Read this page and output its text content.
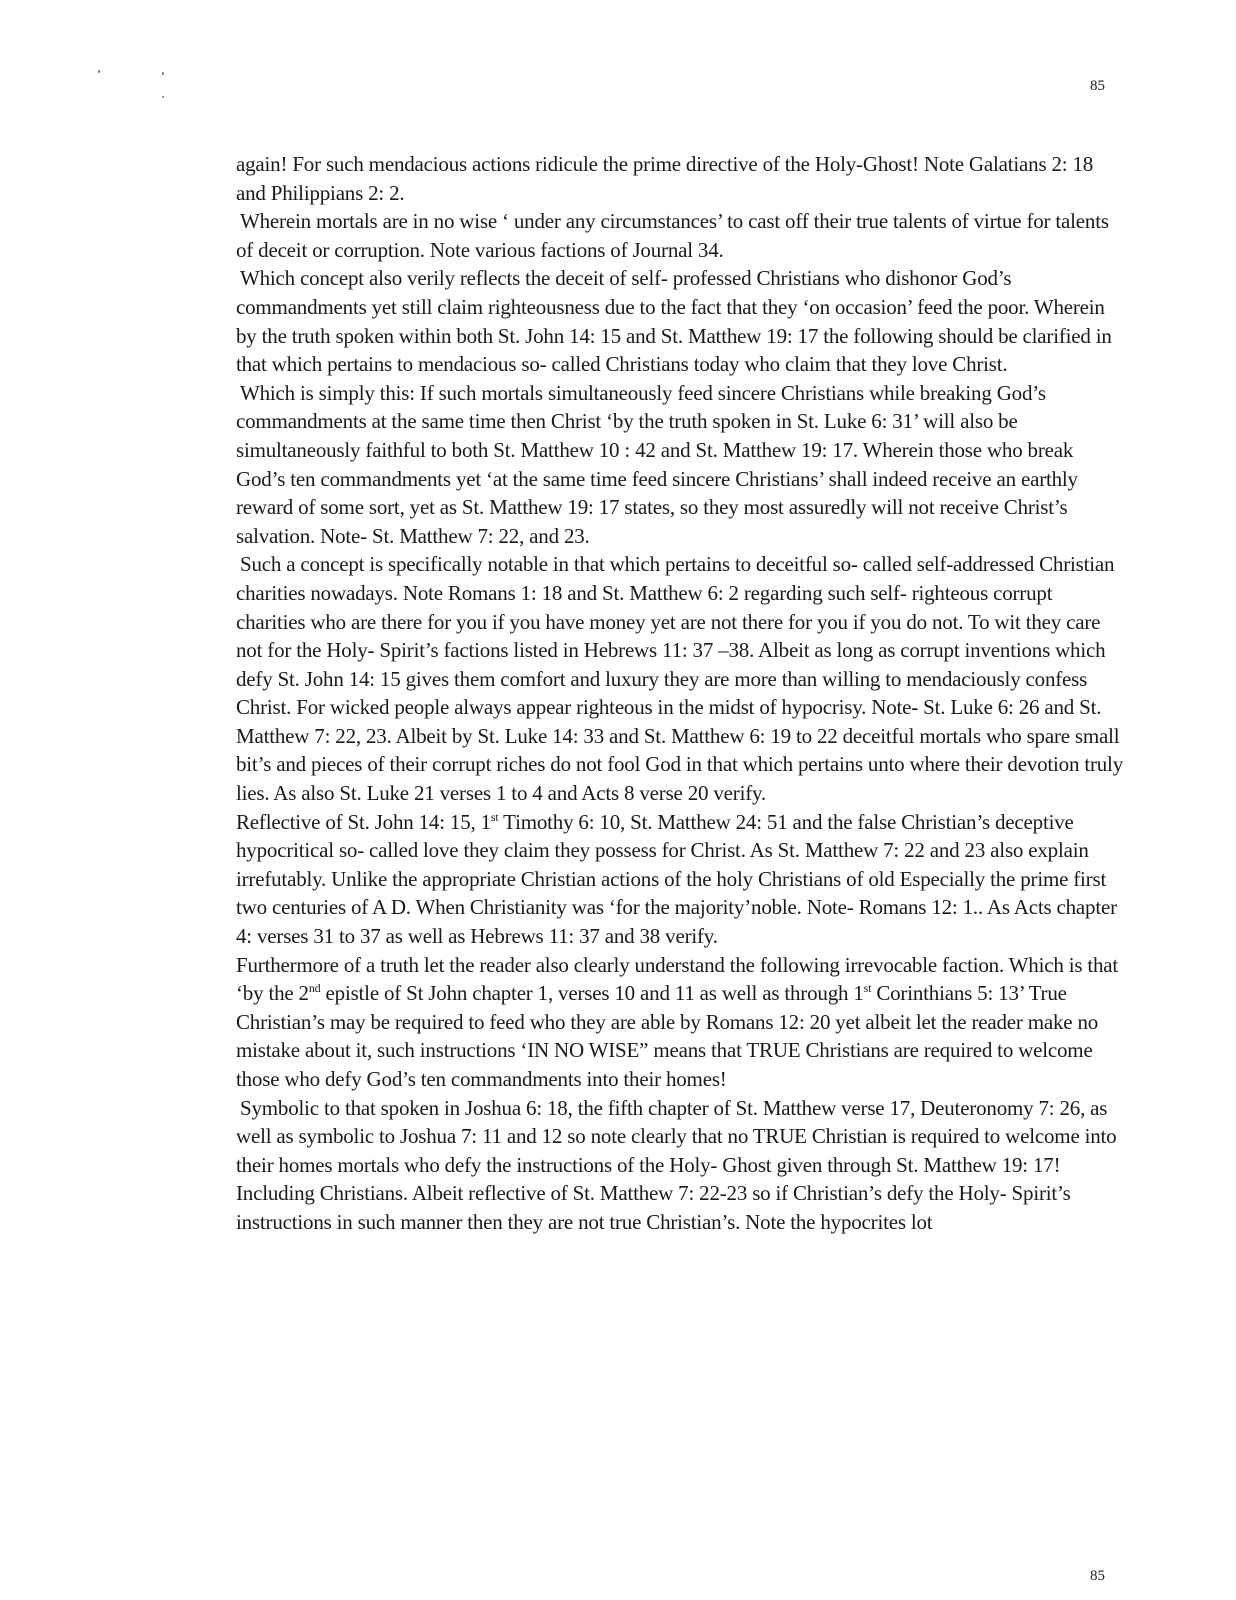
85

again! For such mendacious actions ridicule the prime directive of the Holy-Ghost! Note Galatians 2: 18 and Philippians 2: 2.

Wherein mortals are in no wise ‘ under any circumstances’ to cast off their true talents of virtue for talents of deceit or corruption. Note various factions of Journal 34.

Which concept also verily reflects the deceit of self- professed Christians who dishonor God’s commandments yet still claim righteousness due to the fact that they ‘on occasion’ feed the poor. Wherein by the truth spoken within both St. John 14: 15 and St. Matthew 19: 17 the following should be clarified in that which pertains to mendacious so- called Christians today who claim that they love Christ.

Which is simply this: If such mortals simultaneously feed sincere Christians while breaking God’s commandments at the same time then Christ ‘by the truth spoken in St. Luke 6: 31’ will also be simultaneously faithful to both St. Matthew 10 : 42 and St. Matthew 19: 17. Wherein those who break God’s ten commandments yet ‘at the same time feed sincere Christians’ shall indeed receive an earthly reward of some sort, yet as St. Matthew 19: 17 states, so they most assuredly will not receive Christ’s salvation. Note- St. Matthew 7: 22, and 23.

Such a concept is specifically notable in that which pertains to deceitful so- called self-addressed Christian charities nowadays. Note Romans 1: 18 and St. Matthew 6: 2 regarding such self- righteous corrupt charities who are there for you if you have money yet are not there for you if you do not. To wit they care not for the Holy- Spirit’s factions listed in Hebrews 11: 37 –38. Albeit as long as corrupt inventions which defy St. John 14: 15 gives them comfort and luxury they are more than willing to mendaciously confess Christ. For wicked people always appear righteous in the midst of hypocrisy. Note- St. Luke 6: 26 and St. Matthew 7: 22, 23. Albeit by St. Luke 14: 33 and St. Matthew 6: 19 to 22 deceitful mortals who spare small bit’s and pieces of their corrupt riches do not fool God in that which pertains unto where their devotion truly lies. As also St. Luke 21 verses 1 to 4 and Acts 8 verse 20 verify.

Reflective of St. John 14: 15, 1st Timothy 6: 10, St. Matthew 24: 51 and the false Christian’s deceptive hypocritical so- called love they claim they possess for Christ. As St. Matthew 7: 22 and 23 also explain irrefutably. Unlike the appropriate Christian actions of the holy Christians of old Especially the prime first two centuries of A D. When Christianity was ‘for the majority’noble. Note- Romans 12: 1.. As Acts chapter 4: verses 31 to 37 as well as Hebrews 11: 37 and 38 verify.

Furthermore of a truth let the reader also clearly understand the following irrevocable faction. Which is that ‘by the 2nd epistle of St John chapter 1, verses 10 and 11 as well as through 1st Corinthians 5: 13’ True Christian’s may be required to feed who they are able by Romans 12: 20 yet albeit let the reader make no mistake about it, such instructions ‘IN NO WISE” means that TRUE Christians are required to welcome those who defy God’s ten commandments into their homes!

Symbolic to that spoken in Joshua 6: 18, the fifth chapter of St. Matthew verse 17, Deuteronomy 7: 26, as well as symbolic to Joshua 7: 11 and 12 so note clearly that no TRUE Christian is required to welcome into their homes mortals who defy the instructions of the Holy- Ghost given through St. Matthew 19: 17! Including Christians. Albeit reflective of St. Matthew 7: 22-23 so if Christian’s defy the Holy- Spirit’s instructions in such manner then they are not true Christian’s. Note the hypocrites lot

85
